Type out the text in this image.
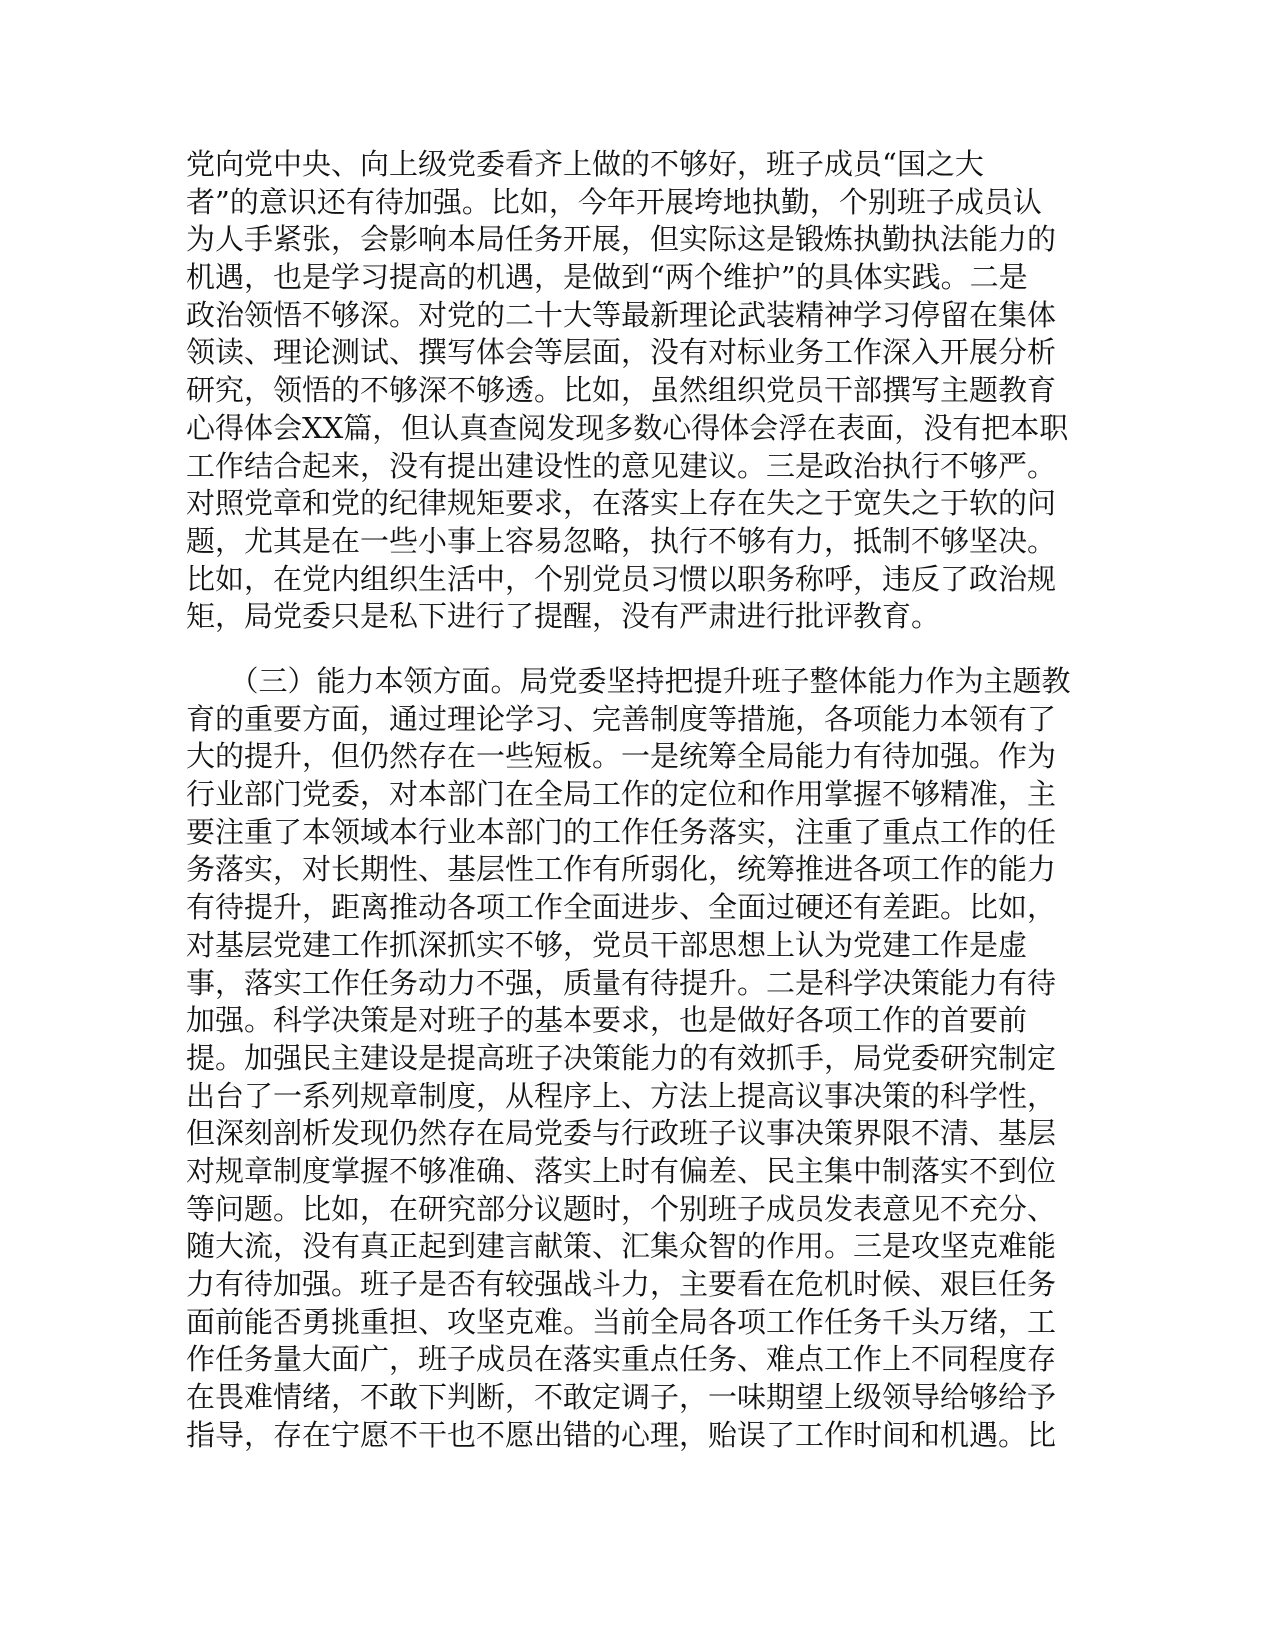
党向党中央、向上级党委看齐上做的不够好，班子成员“国之大
者”的意识还有待加强。比如，今年开展垮地执勤，个别班子成员认
为人手紧张，会影响本局任务开展，但实际这是锻炼执勤执法能力的
机遇，也是学习提高的机遇，是做到“两个维护”的具体实践。二是
政治领悟不够深。对党的二十大等最新理论武装精神学习停留在集体
领读、理论测试、撰写体会等层面，没有对标业务工作深入开展分析
研究，领悟的不够深不够透。比如，虽然组织党员干部撰写主题教育
心得体会XX篇，但认真查阅发现多数心得体会浮在表面，没有把本职
工作结合起来，没有提出建设性的意见建议。三是政治执行不够严。
对照党章和党的纪律规矩要求，在落实上存在失之于宽失之于软的问
题，尤其是在一些小事上容易忽略，执行不够有力，抵制不够坚决。
比如，在党内组织生活中，个别党员习惯以职务称呼，违反了政治规
矩，局党委只是私下进行了提醒，没有严肃进行批评教育。
　　（三）能力本领方面。局党委坚持把提升班子整体能力作为主题教
育的重要方面，通过理论学习、完善制度等措施，各项能力本领有了
大的提升，但仍然存在一些短板。一是统筹全局能力有待加强。作为
行业部门党委，对本部门在全局工作的定位和作用掌握不够精准，主
要注重了本领域本行业本部门的工作任务落实，注重了重点工作的任
务落实，对长期性、基层性工作有所弱化，统筹推进各项工作的能力
有待提升，距离推动各项工作全面进步、全面过硬还有差距。比如，
对基层党建工作抓深抓实不够，党员干部思想上认为党建工作是虚
事，落实工作任务动力不强，质量有待提升。二是科学决策能力有待
加强。科学决策是对班子的基本要求，也是做好各项工作的首要前
提。加强民主建设是提高班子决策能力的有效抓手，局党委研究制定
出台了一系列规章制度，从程序上、方法上提高议事决策的科学性，
但深刻剖析发现仍然存在局党委与行政班子议事决策界限不清、基层
对规章制度掌握不够准确、落实上时有偏差、民主集中制落实不到位
等问题。比如，在研究部分议题时，个别班子成员发表意见不充分、
随大流，没有真正起到建言献策、汇集众智的作用。三是攻坚克难能
力有待加强。班子是否有较强战斗力，主要看在危机时候、艰巨任务
面前能否勇挑重担、攻坚克难。当前全局各项工作任务千头万绪，工
作任务量大面广，班子成员在落实重点任务、难点工作上不同程度存
在畏难情绪，不敢下判断，不敢定调子，一味期望上级领导给够给予
指导，存在宁愿不干也不愿出错的心理，贻误了工作时间和机遇。比
